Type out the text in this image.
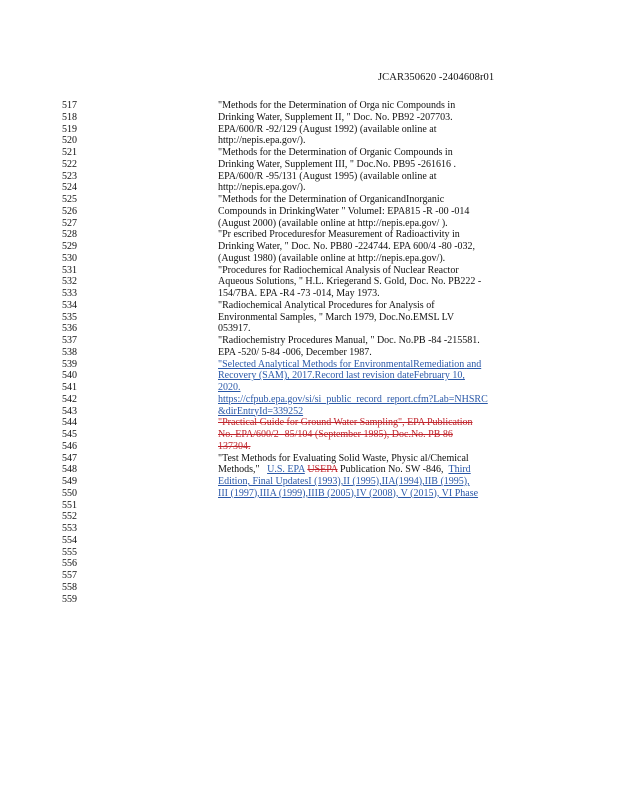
JCAR350620 -2404608r01
517
518
519
520
521
522
523
524
525
526
527
528
529
530
531
532
533
534
535
536
537
538
539
540
541
542
543
544
545
546
547
548
549
550
551
552
553
554
555
556
557
558
559
"Methods for the Determination of Orga nic Compounds in
Drinking Water, Supplement II, " Doc. No. PB92 -207703.
EPA/600/R -92/129 (August 1992) (available online at
http://nepis.epa.gov/).
"Methods for the Determination of Organic Compounds in
Drinking Water, Supplement III, " Doc.No. PB95 -261616 .
EPA/600/R -95/131 (August 1995) (available online at
http://nepis.epa.gov/).
"Methods for the Determination of OrganicandInorganic
Compounds in DrinkingWater " VolumeI: EPA815 -R -00 -014
(August 2000) (available online at http://nepis.epa.gov/ ).
"Pr escribed Proceduresfor Measurement of Radioactivity in
Drinking Water, " Doc. No. PB80 -224744. EPA 600/4 -80 -032,
(August 1980) (available online at http://nepis.epa.gov/).
"Procedures for Radiochemical Analysis of Nuclear Reactor
Aqueous Solutions, " H.L. Kriegerand S. Gold, Doc. No. PB222 -
154/7BA. EPA -R4 -73 -014, May 1973.
"Radiochemical Analytical Procedures for Analysis of
Environmental Samples, " March 1979, Doc.No.EMSL LV
053917.
"Radiochemistry Procedures Manual, " Doc. No.PB -84 -215581.
EPA -520/ 5-84 -006, December 1987.
"Selected Analytical Methods for EnvironmentalRemediation and
Recovery (SAM), 2017.Record last revision dateFebruary 10,
2020.
https://cfpub.epa.gov/si/si_public_record_report.cfm?Lab=NHSRC
&dirEntryId=339252
"Practical Guide for Ground Water Sampling", EPA Publication
No. EPA/600/2 -85/104 (September 1985), Doc.No. PB 86
137304.
"Test Methods for Evaluating Solid Waste, Physic al/Chemical
Methods," U.S. EPA USEPA Publication No. SW -846, Third
Edition, Final UpdatesI (1993),II (1995),IIA(1994),IIB (1995),
III (1997),IIIA (1999),IIIB (2005),IV (2008), V (2015), VI Phase
